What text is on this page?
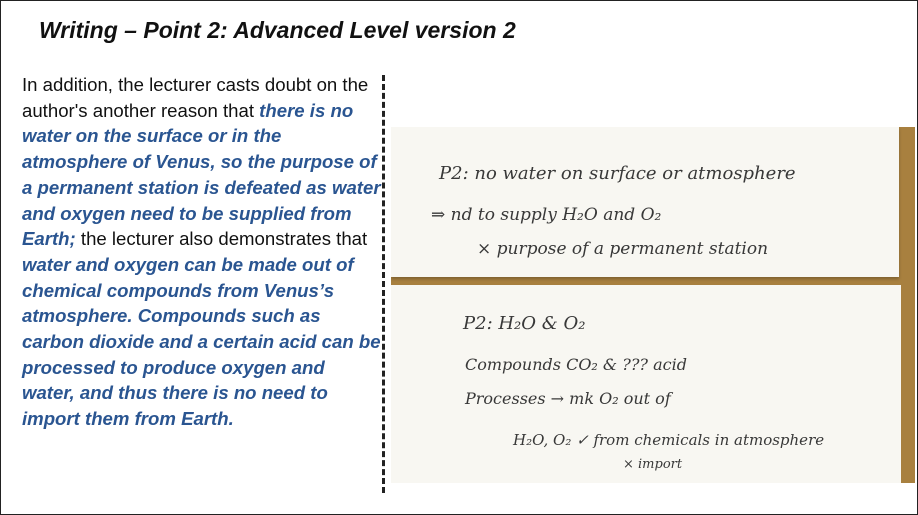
Writing – Point 2: Advanced Level version 2

In addition, the lecturer casts doubt on the author's another reason that there is no water on the surface or in the atmosphere of Venus, so the purpose of a permanent station is defeated as water and oxygen need to be supplied from Earth; the lecturer also demonstrates that water and oxygen can be made out of chemical compounds from Venus’s atmosphere. Compounds such as carbon dioxide and a certain acid can be processed to produce oxygen and water, and thus there is no need to import them from Earth.

P2: no water on surface or atmosphere
⇒ nd to supply H₂O and O₂
× purpose of a permanent station
P2: H₂O & O₂
Compounds CO₂ & ??? acid
Processes → mk O₂ out of
H₂O, O₂ ✓ from chemicals in atmosphere
× import
